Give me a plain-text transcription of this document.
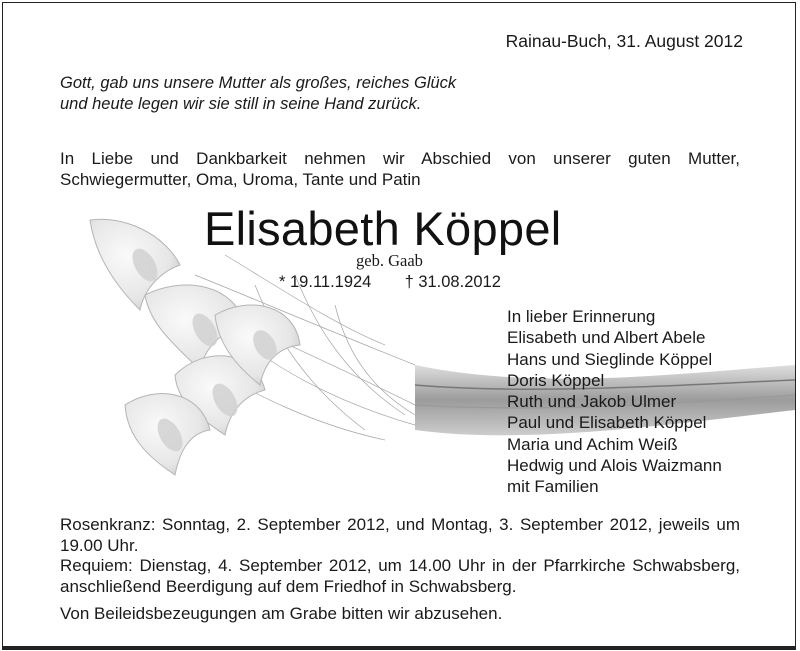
Rainau-Buch, 31. August 2012
Gott, gab uns unsere Mutter als großes, reiches Glück
und heute legen wir sie still in seine Hand zurück.
In Liebe und Dankbarkeit nehmen wir Abschied von unserer guten Mutter, Schwiegermutter, Oma, Uroma, Tante und Patin
Elisabeth Köppel
geb. Gaab
* 19.11.1924 † 31.08.2012
In lieber Erinnerung
Elisabeth und Albert Abele
Hans und Sieglinde Köppel
Doris Köppel
Ruth und Jakob Ulmer
Paul und Elisabeth Köppel
Maria und Achim Weiß
Hedwig und Alois Waizmann
mit Familien

Rosenkranz: Sonntag, 2. September 2012, und Montag, 3. September 2012, jeweils um 19.00 Uhr.

Requiem: Dienstag, 4. September 2012, um 14.00 Uhr in der Pfarrkirche Schwabsberg, anschließend Beerdigung auf dem Friedhof in Schwabsberg.

Von Beileidsbezeugungen am Grabe bitten wir abzusehen.
